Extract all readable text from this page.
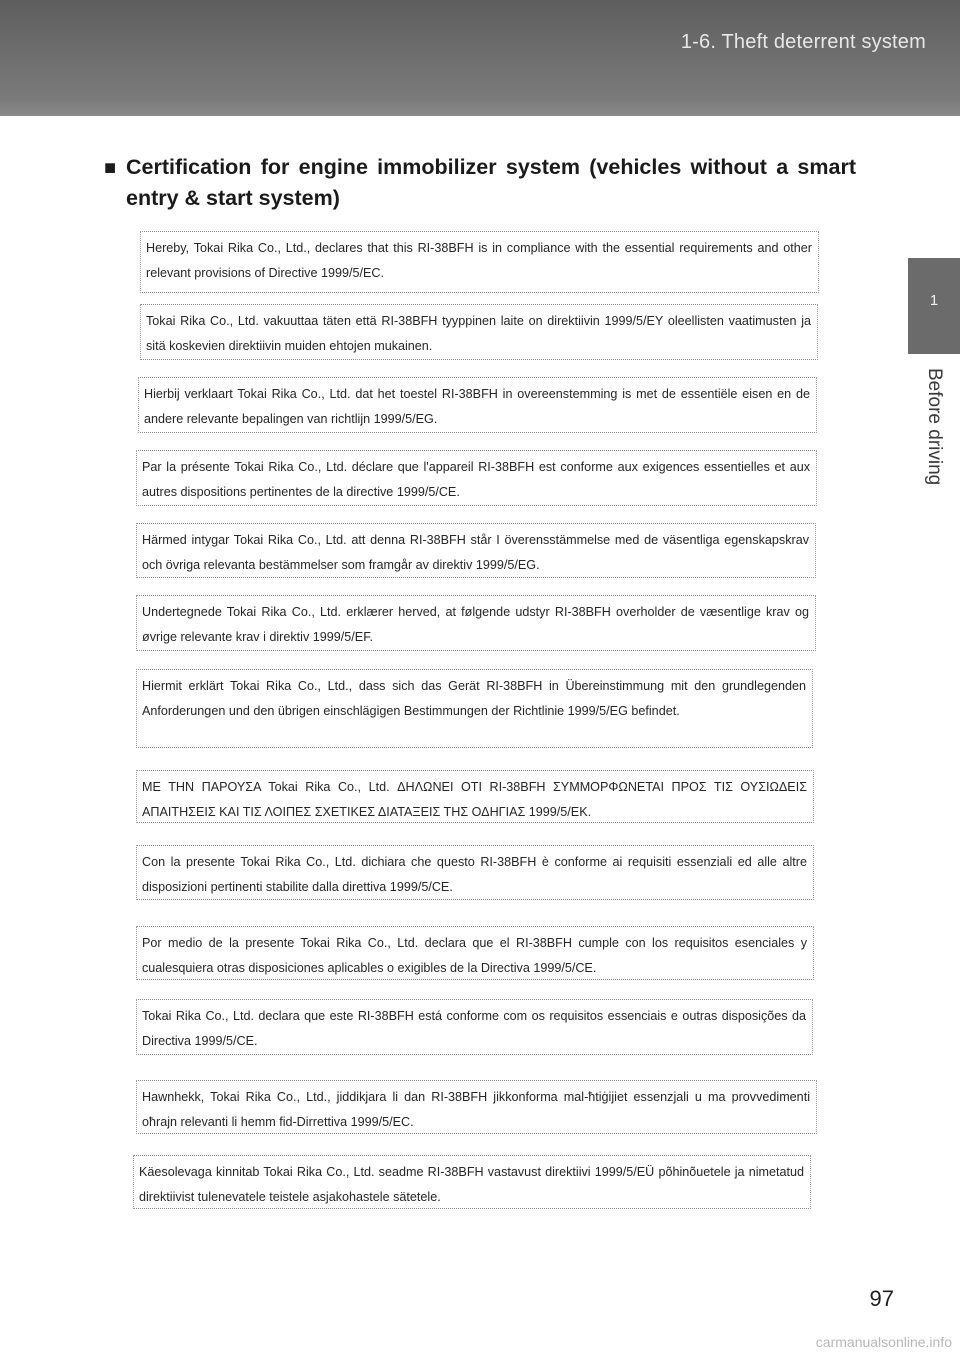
1-6. Theft deterrent system
1
Before driving
■ Certification for engine immobilizer system (vehicles without a smart entry & start system)
Hereby, Tokai Rika Co., Ltd., declares that this RI-38BFH is in compliance with the essential requirements and other relevant provisions of Directive 1999/5/EC.
Tokai Rika Co., Ltd. vakuuttaa täten että RI-38BFH tyyppinen laite on direktiivin 1999/5/EY oleellisten vaatimusten ja sitä koskevien direktiivin muiden ehtojen mukainen.
Hierbij verklaart Tokai Rika Co., Ltd. dat het toestel RI-38BFH in overeenstemming is met de essentiële eisen en de andere relevante bepalingen van richtlijn 1999/5/EG.
Par la présente Tokai Rika Co., Ltd. déclare que l'appareil RI-38BFH est conforme aux exigences essentielles et aux autres dispositions pertinentes de la directive 1999/5/CE.
Härmed intygar Tokai Rika Co., Ltd. att denna RI-38BFH står I överensstämmelse med de väsentliga egenskapskrav och övriga relevanta bestämmelser som framgår av direktiv 1999/5/EG.
Undertegnede Tokai Rika Co., Ltd. erklærer herved, at følgende udstyr RI-38BFH overholder de væsentlige krav og øvrige relevante krav i direktiv 1999/5/EF.
Hiermit erklärt Tokai Rika Co., Ltd., dass sich das Gerät RI-38BFH in Übereinstimmung mit den grundlegenden Anforderungen und den übrigen einschlägigen Bestimmungen der Richtlinie 1999/5/EG befindet.
ΜΕ ΤΗΝ ΠΑΡΟΥΣΑ Tokai Rika Co., Ltd. ΔΗΛΩΝΕΙ ΟΤΙ RI-38BFH ΣΥΜΜΟΡΦΩΝΕΤΑΙ ΠΡΟΣ ΤΙΣ ΟΥΣΙΩΔΕΙΣ ΑΠΑΙΤΗΣΕΙΣ ΚΑΙ ΤΙΣ ΛΟΙΠΕΣ ΣΧΕΤΙΚΕΣ ΔΙΑΤΑΞΕΙΣ ΤΗΣ ΟΔΗΓΙΑΣ 1999/5/ΕΚ.
Con la presente Tokai Rika Co., Ltd. dichiara che questo RI-38BFH è conforme ai requisiti essenziali ed alle altre disposizioni pertinenti stabilite dalla direttiva 1999/5/CE.
Por medio de la presente Tokai Rika Co., Ltd. declara que el RI-38BFH cumple con los requisitos esenciales y cualesquiera otras disposiciones aplicables o exigibles de la Directiva 1999/5/CE.
Tokai Rika Co., Ltd. declara que este RI-38BFH está conforme com os requisitos essenciais e outras disposições da Directiva 1999/5/CE.
Hawnhekk, Tokai Rika Co., Ltd., jiddikjara li dan RI-38BFH jikkonforma mal-ħtiġijiet essenzjali u ma provvedimenti oħrajn relevanti li hemm fid-Dirrettiva 1999/5/EC.
Käesolevaga kinnitab Tokai Rika Co., Ltd. seadme RI-38BFH vastavust direktiivi 1999/5/EÜ põhinõuetele ja nimetatud direktiivist tulenevatele teistele asjakohastele sätetele.
97
carmanualsonline.info
